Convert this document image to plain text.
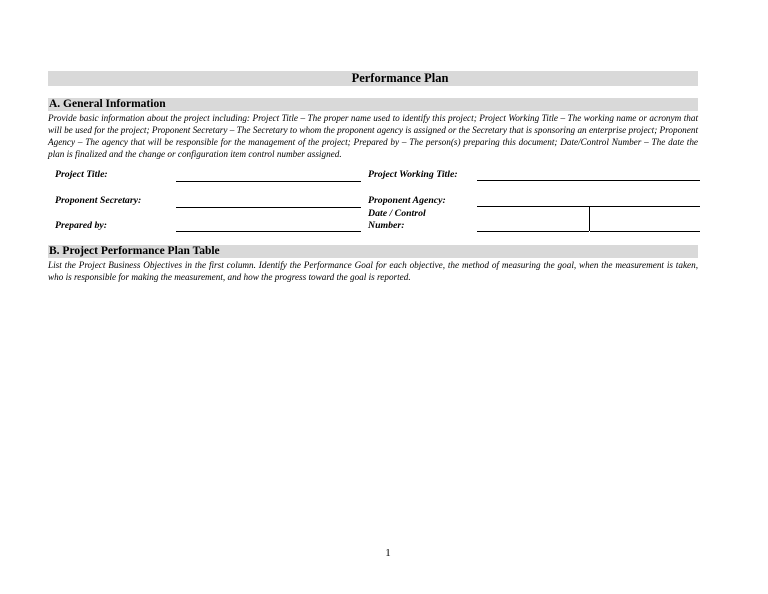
Performance Plan
A. General Information
Provide basic information about the project including: Project Title – The proper name used to identify this project; Project Working Title – The working name or acronym that will be used for the project; Proponent Secretary – The Secretary to whom the proponent agency is assigned or the Secretary that is sponsoring an enterprise project; Proponent Agency – The agency that will be responsible for the management of the project; Prepared by – The person(s) preparing this document; Date/Control Number – The date the plan is finalized and the change or configuration item control number assigned.
Project Title:	Project Working Title:
Proponent Secretary:	Proponent Agency:
Prepared by:
Date / Control
Number:
B. Project Performance Plan Table
List the Project Business Objectives in the first column. Identify the Performance Goal for each objective, the method of measuring the goal, when the measurement is taken, who is responsible for making the measurement, and how the progress toward the goal is reported.
1
